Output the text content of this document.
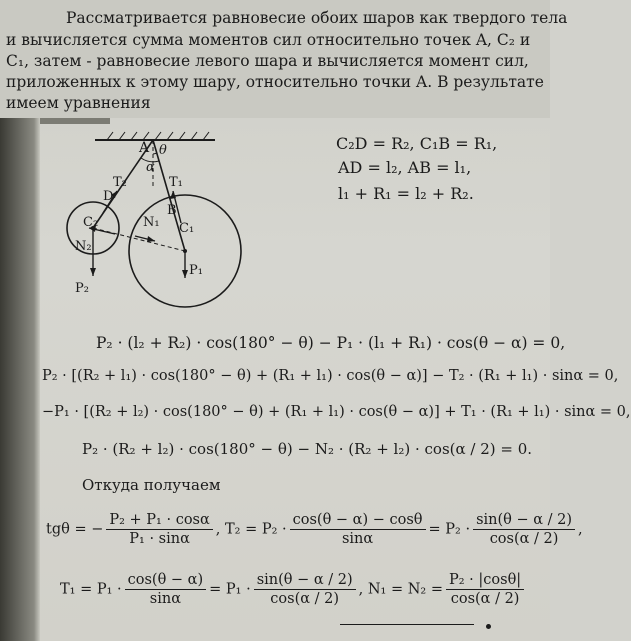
Рассматривается равновесие обоих шаров как твердого тела
и вычисляется сумма моментов сил относительно точек A, C₂ и
C₁, затем - равновесие левого шара и вычисляется момент сил,
приложенных к этому шару, относительно точки A. В результате
имеем уравнения
A θ
α
T₂	T₁
D
B
C₂	N₁ C₁
N₂
P₁
P₂
C₂D = R₂, C₁B = R₁,
AD = l₂, AB = l₁,
l₁ + R₁ = l₂ + R₂.
P₂ · (l₂ + R₂) · cos(180° − θ) − P₁ · (l₁ + R₁) · cos(θ − α) = 0,
P₂ · [(R₂ + l₁) · cos(180° − θ) + (R₁ + l₁) · cos(θ − α)] − T₂ · (R₁ + l₁) · sinα = 0,
−P₁ · [(R₂ + l₂) · cos(180° − θ) + (R₁ + l₁) · cos(θ − α)] + T₁ · (R₁ + l₁) · sinα = 0,
P₂ · (R₂ + l₂) · cos(180° − θ) − N₂ · (R₂ + l₂) · cos(α / 2) = 0.
Откуда получаем
tgθ = − $\frac{\text{P₂ + P₁ · cosα}}{\text{P₁ · sinα}}$ , $T_2 = P_2 \cdot \frac{\cos(\theta - \alpha) - \cos\theta}{\sin\alpha} = P_2 \cdot \frac{\sin(\theta - \alpha / 2)}{\cos(\alpha / 2)}$ ,
$T_1 = P_1 \cdot \frac{\cos(\theta - \alpha)}{\sin\alpha} = P_1 \cdot \frac{\sin(\theta - \alpha / 2)}{\cos(\alpha / 2)}$ , $N_1 = N_2 = \frac{\text{P₂ · |cosθ|}}{\cos(\alpha / 2)}$
